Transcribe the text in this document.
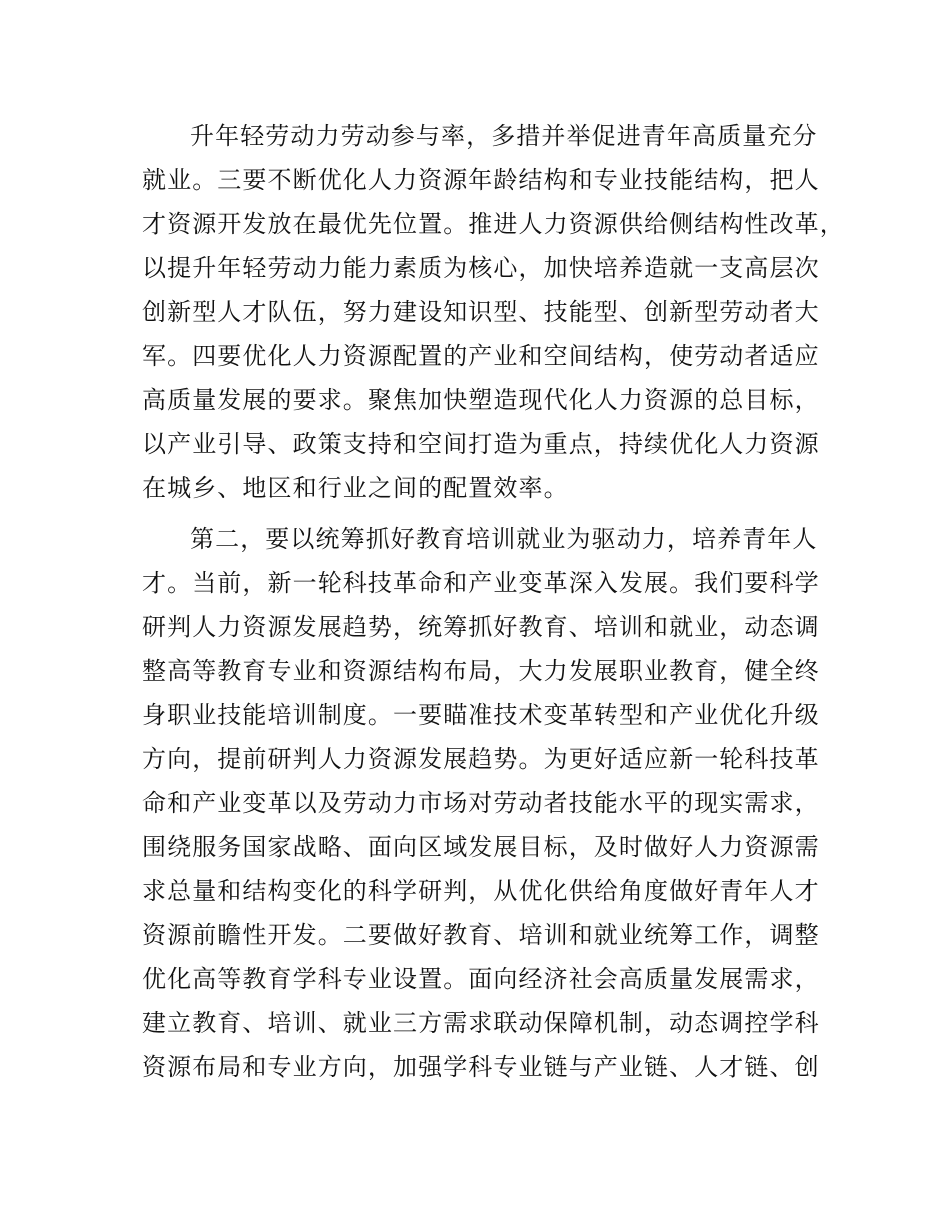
升年轻劳动力劳动参与率，多措并举促进青年高质量充分
就业。三要不断优化人力资源年龄结构和专业技能结构，把人
才资源开发放在最优先位置。推进人力资源供给侧结构性改革，
以提升年轻劳动力能力素质为核心，加快培养造就一支高层次
创新型人才队伍，努力建设知识型、技能型、创新型劳动者大
军。四要优化人力资源配置的产业和空间结构，使劳动者适应
高质量发展的要求。聚焦加快塑造现代化人力资源的总目标，
以产业引导、政策支持和空间打造为重点，持续优化人力资源
在城乡、地区和行业之间的配置效率。
第二，要以统筹抓好教育培训就业为驱动力，培养青年人
才。当前，新一轮科技革命和产业变革深入发展。我们要科学
研判人力资源发展趋势，统筹抓好教育、培训和就业，动态调
整高等教育专业和资源结构布局，大力发展职业教育，健全终
身职业技能培训制度。一要瞄准技术变革转型和产业优化升级
方向，提前研判人力资源发展趋势。为更好适应新一轮科技革
命和产业变革以及劳动力市场对劳动者技能水平的现实需求，
围绕服务国家战略、面向区域发展目标，及时做好人力资源需
求总量和结构变化的科学研判，从优化供给角度做好青年人才
资源前瞻性开发。二要做好教育、培训和就业统筹工作，调整
优化高等教育学科专业设置。面向经济社会高质量发展需求，
建立教育、培训、就业三方需求联动保障机制，动态调控学科
资源布局和专业方向，加强学科专业链与产业链、人才链、创
